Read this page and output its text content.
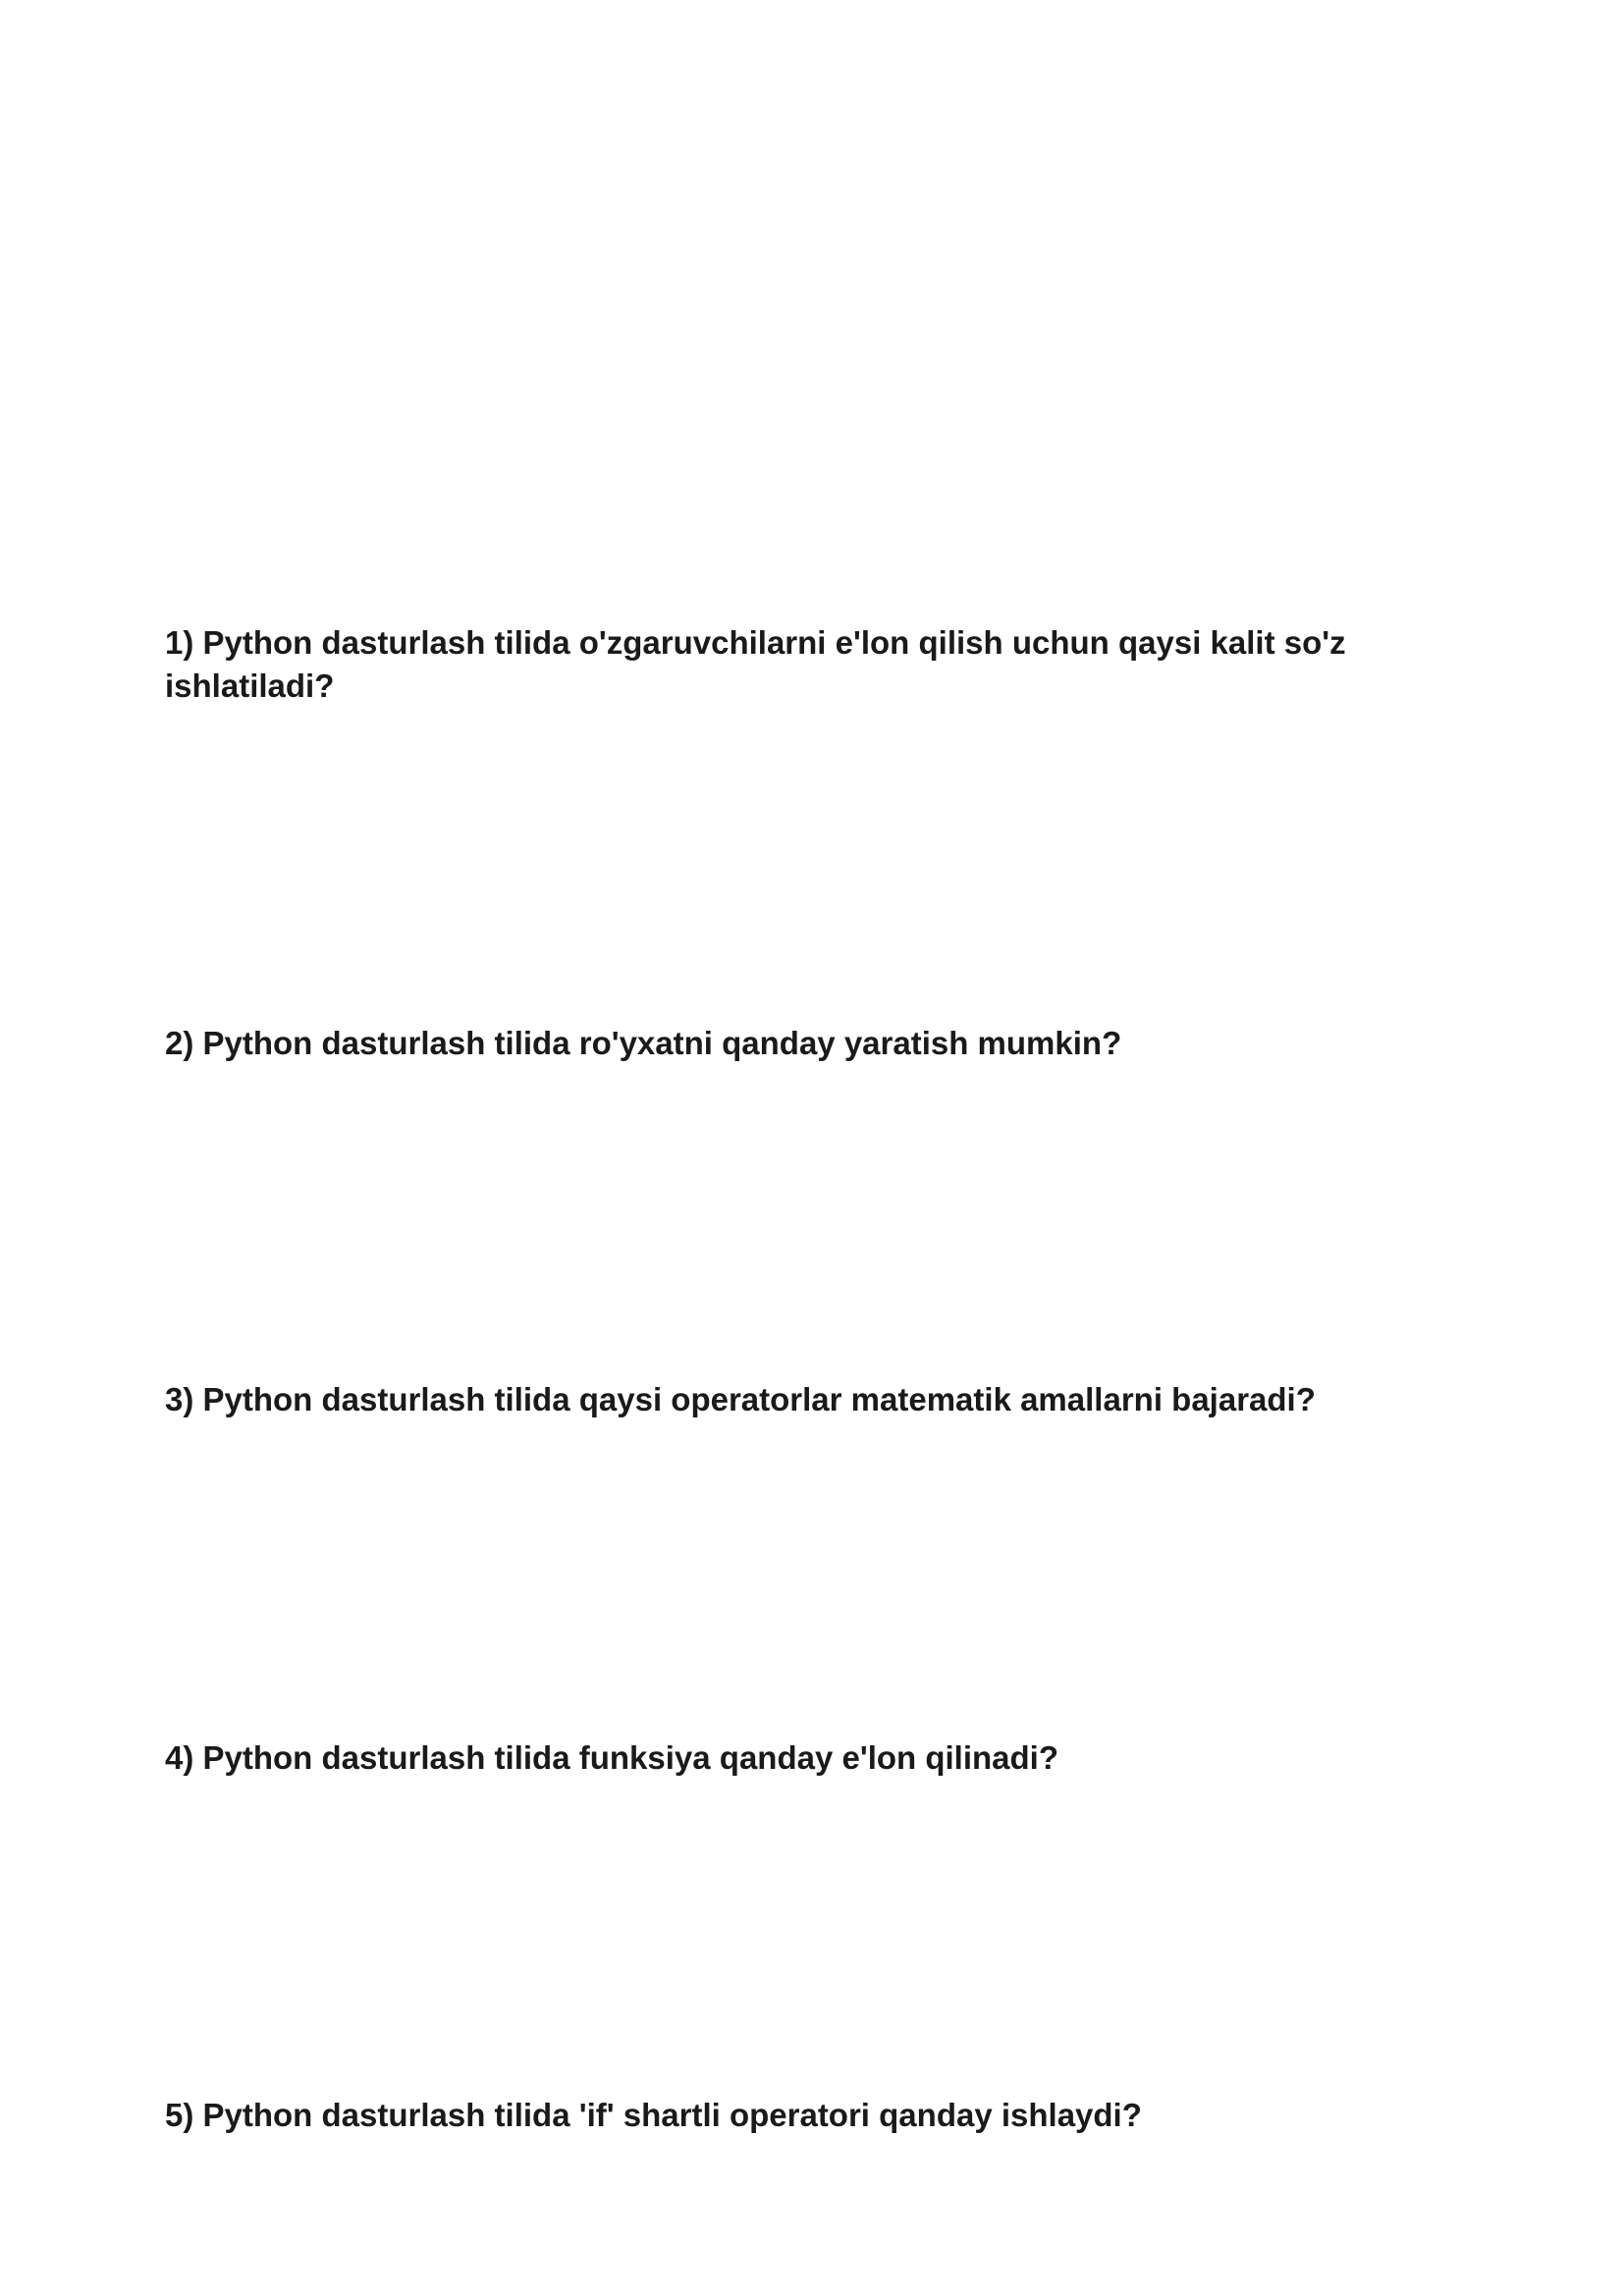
1) Python dasturlash tilida o'zgaruvchilarni e'lon qilish uchun qaysi kalit so'z ishlatiladi?

2) Python dasturlash tilida ro'yxatni qanday yaratish mumkin?

3) Python dasturlash tilida qaysi operatorlar matematik amallarni bajaradi?

4) Python dasturlash tilida funksiya qanday e'lon qilinadi?

5) Python dasturlash tilida 'if' shartli operatori qanday ishlaydi?
